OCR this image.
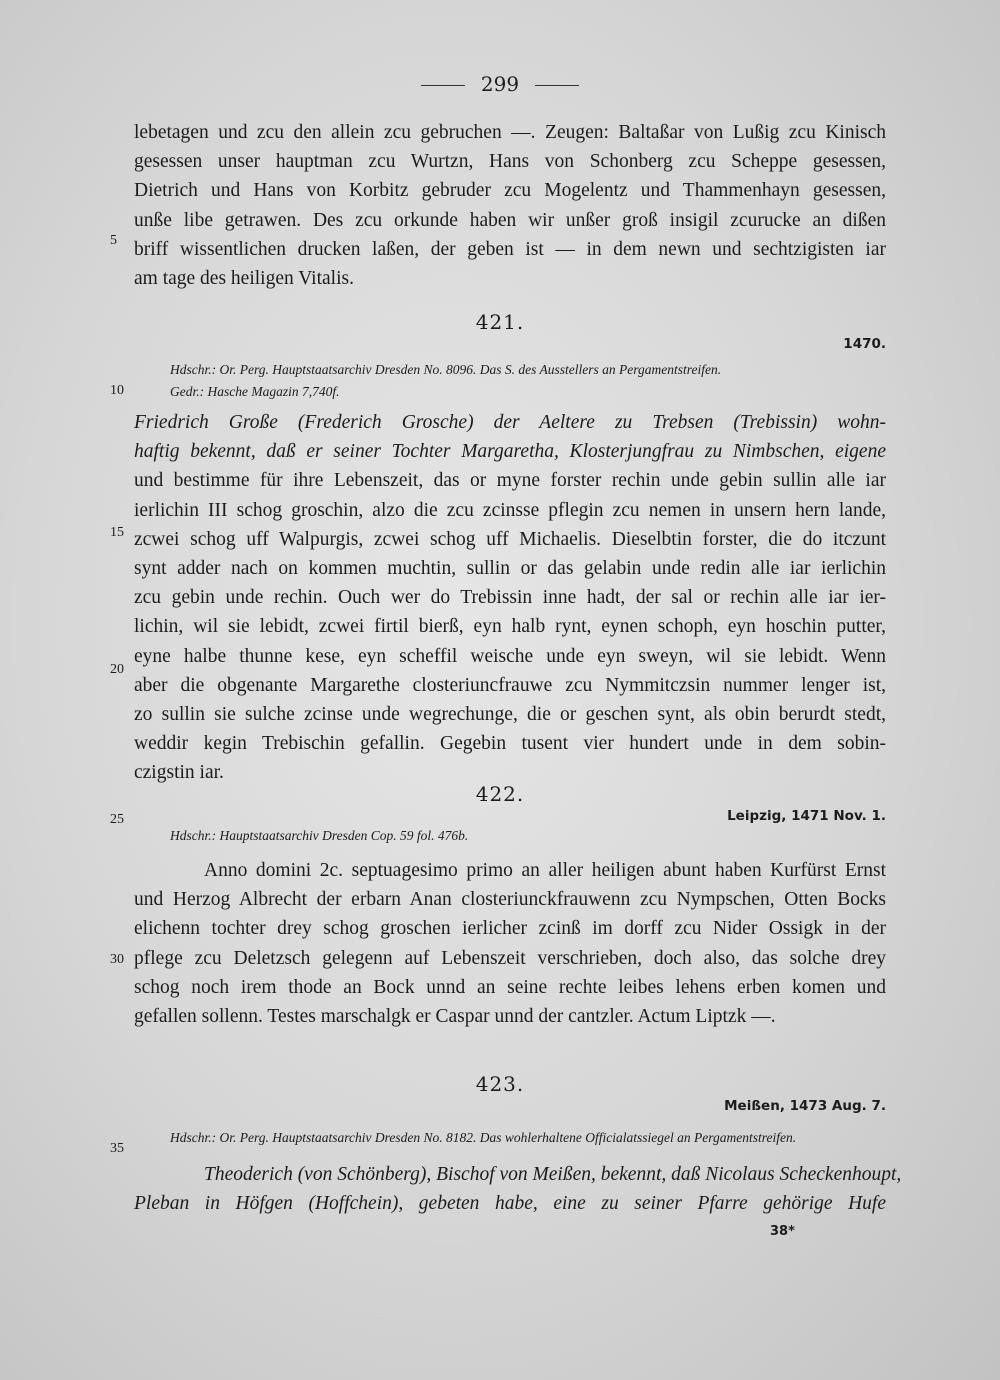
299

lebetagen und zcu den allein zcu gebruchen —. Zeugen: Baltaßar von Lußig zcu Kinisch
gesessen unser hauptman zcu Wurtzn, Hans von Schonberg zcu Scheppe gesessen,
Dietrich und Hans von Korbitz gebruder zcu Mogelentz und Thammenhayn gesessen,
unße libe getrawen. Des zcu orkunde haben wir unßer groß insigil zcurucke an dißen
briff wissentlichen drucken laßen, der geben ist — in dem newn und sechtzigisten iar
am tage des heiligen Vitalis.

5
10
15
20
25
30
35
421.
1470.
Hdschr.: Or. Perg. Hauptstaatsarchiv Dresden No. 8096. Das S. des Ausstellers an Pergamentstreifen.
Gedr.: Hasche Magazin 7,740f.

Friedrich Große (Frederich Grosche) der Aeltere zu Trebsen (Trebissin) wohn-
haftig bekennt, daß er seiner Tochter Margaretha, Klosterjungfrau zu Nimbschen, eigene
und bestimme für ihre Lebenszeit, das or myne forster rechin unde gebin sullin alle iar
ierlichin III schog groschin, alzo die zcu zcinsse pflegin zcu nemen in unsern hern lande,
zcwei schog uff Walpurgis, zcwei schog uff Michaelis. Dieselbtin forster, die do itczunt
synt adder nach on kommen muchtin, sullin or das gelabin unde redin alle iar ierlichin
zcu gebin unde rechin. Ouch wer do Trebissin inne hadt, der sal or rechin alle iar ier-
lichin, wil sie lebidt, zcwei firtil bierß, eyn halb rynt, eynen schoph, eyn hoschin putter,
eyne halbe thunne kese, eyn scheffil weische unde eyn sweyn, wil sie lebidt. Wenn
aber die obgenante Margarethe closteriuncfrauwe zcu Nymmitczsin nummer lenger ist,
zo sullin sie sulche zcinse unde wegrechunge, die or geschen synt, als obin berurdt stedt,
weddir kegin Trebischin gefallin. Gegebin tusent vier hundert unde in dem sobin-
czigstin iar.

422.
Leipzig, 1471 Nov. 1.
Hdschr.: Hauptstaatsarchiv Dresden Cop. 59 fol. 476b.

Anno domini 2c. septuagesimo primo an aller heiligen abunt haben Kurfürst Ernst
und Herzog Albrecht der erbarn Anan closteriunckfrauwenn zcu Nympschen, Otten Bocks
elichenn tochter drey schog groschen ierlicher zcinß im dorff zcu Nider Ossigk in der
pflege zcu Deletzsch gelegenn auf Lebenszeit verschrieben, doch also, das solche drey
schog noch irem thode an Bock unnd an seine rechte leibes lehens erben komen und
gefallen sollenn. Testes marschalgk er Caspar unnd der cantzler. Actum Liptzk —.

423.
Meißen, 1473 Aug. 7.
Hdschr.: Or. Perg. Hauptstaatsarchiv Dresden No. 8182. Das wohlerhaltene Officialatssiegel an Pergamentstreifen.

Theoderich (von Schönberg), Bischof von Meißen, bekennt, daß Nicolaus Scheckenhoupt,
Pleban in Höfgen (Hoffchein), gebeten habe, eine zu seiner Pfarre gehörige Hufe

38*
